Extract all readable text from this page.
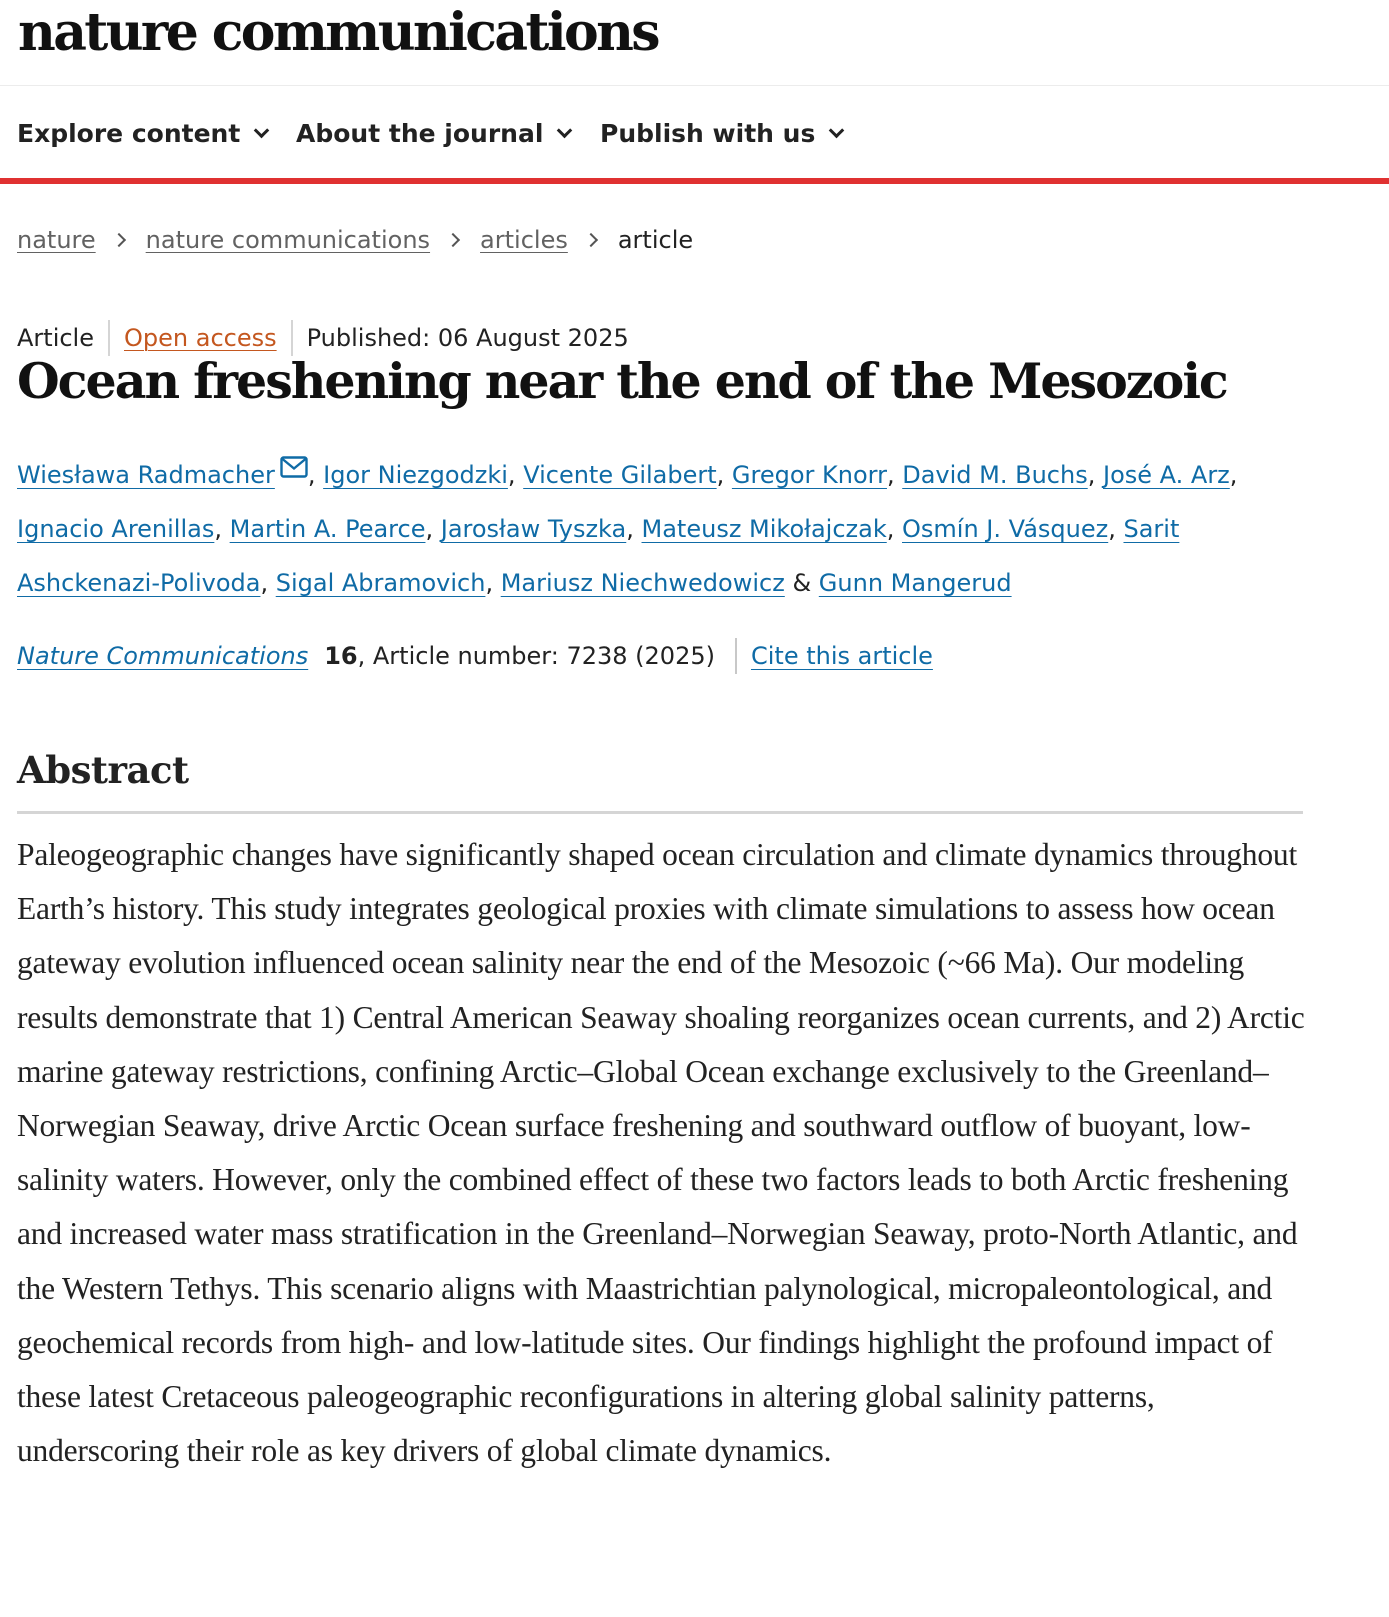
nature communications
Explore content About the journal Publish with us
nature nature communications articles article
Article Open access Published: 06 August 2025
Ocean freshening near the end of the Mesozoic
Wiesława Radmacher , Igor Niezgodzki, Vicente Gilabert, Gregor Knorr, David M. Buchs, José A. Arz, Ignacio Arenillas, Martin A. Pearce, Jarosław Tyszka, Mateusz Mikołajczak, Osmín J. Vásquez, Sarit Ashckenazi-Polivoda, Sigal Abramovich, Mariusz Niechwedowicz & Gunn Mangerud
Nature Communications 16 , Article number: 7238 (2025) Cite this article
Abstract

Paleogeographic changes have significantly shaped ocean circulation and climate dynamics throughout Earth’s history. This study integrates geological proxies with climate simulations to assess how ocean gateway evolution influenced ocean salinity near the end of the Mesozoic (~66 Ma). Our modeling results demonstrate that 1) Central American Seaway shoaling reorganizes ocean currents, and 2) Arctic marine gateway restrictions, confining Arctic–Global Ocean exchange exclusively to the Greenland–Norwegian Seaway, drive Arctic Ocean surface freshening and southward outflow of buoyant, low-salinity waters. However, only the combined effect of these two factors leads to both Arctic freshening and increased water mass stratification in the Greenland–Norwegian Seaway, proto-North Atlantic, and the Western Tethys. This scenario aligns with Maastrichtian palynological, micropaleontological, and geochemical records from high- and low-latitude sites. Our findings highlight the profound impact of these latest Cretaceous paleogeographic reconfigurations in altering global salinity patterns, underscoring their role as key drivers of global climate dynamics.
